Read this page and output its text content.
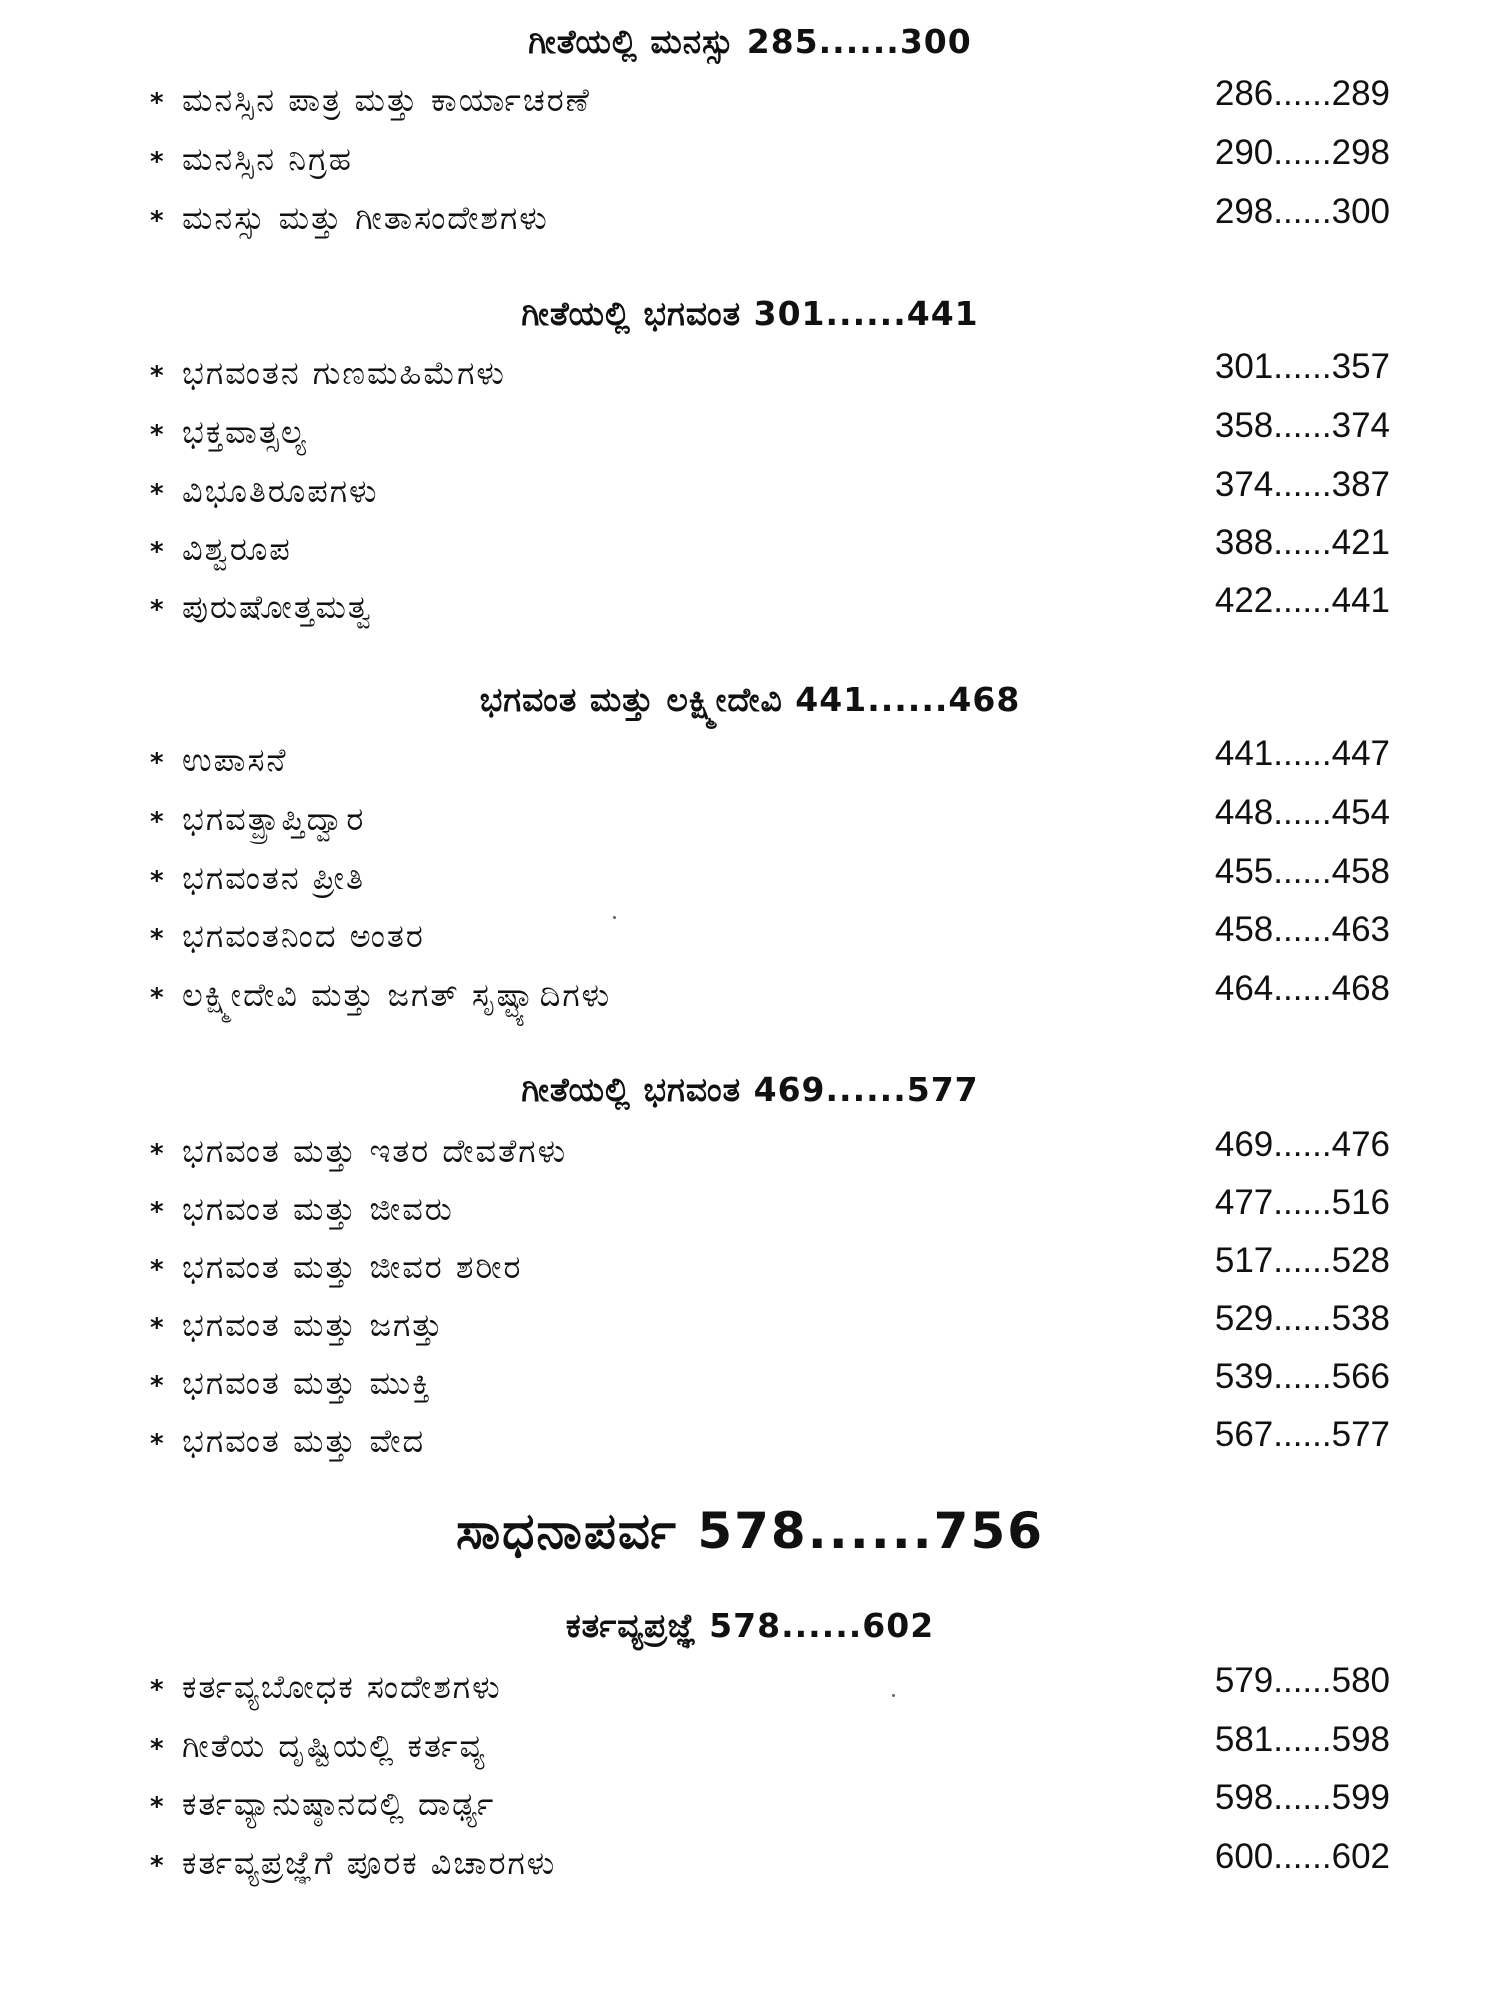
ಗೀತೆಯಲ್ಲಿ ಮನಸ್ಸು 285......300
* ಮನಸ್ಸಿನ ಪಾತ್ರ ಮತ್ತು ಕಾರ್ಯಾಚರಣೆ	286......289
* ಮನಸ್ಸಿನ ನಿಗ್ರಹ	290......298
* ಮನಸ್ಸು ಮತ್ತು ಗೀತಾಸಂದೇಶಗಳು	298......300
ಗೀತೆಯಲ್ಲಿ ಭಗವಂತ 301......441
* ಭಗವಂತನ ಗುಣಮಹಿಮೆಗಳು	301......357
* ಭಕ್ತವಾತ್ಸಲ್ಯ	358......374
* ವಿಭೂತಿರೂಪಗಳು	374......387
* ವಿಶ್ವರೂಪ	388......421
* ಪುರುಷೋತ್ತಮತ್ವ	422......441
ಭಗವಂತ ಮತ್ತು ಲಕ್ಷ್ಮೀದೇವಿ 441......468
* ಉಪಾಸನೆ	441......447
* ಭಗವತ್ಪ್ರಾಪ್ತಿದ್ವಾರ	448......454
* ಭಗವಂತನ ಪ್ರೀತಿ	455......458
* ಭಗವಂತನಿಂದ ಅಂತರ	458......463
* ಲಕ್ಷ್ಮೀದೇವಿ ಮತ್ತು ಜಗತ್ ಸೃಷ್ಟ್ಯಾದಿಗಳು	464......468
ಗೀತೆಯಲ್ಲಿ ಭಗವಂತ 469......577
* ಭಗವಂತ ಮತ್ತು ಇತರ ದೇವತೆಗಳು	469......476
* ಭಗವಂತ ಮತ್ತು ಜೀವರು	477......516
* ಭಗವಂತ ಮತ್ತು ಜೀವರ ಶರೀರ	517......528
* ಭಗವಂತ ಮತ್ತು ಜಗತ್ತು	529......538
* ಭಗವಂತ ಮತ್ತು ಮುಕ್ತಿ	539......566
* ಭಗವಂತ ಮತ್ತು ವೇದ	567......577
ಸಾಧನಾಪರ್ವ 578......756
ಕರ್ತವ್ಯಪ್ರಜ್ಞೆ 578......602
* ಕರ್ತವ್ಯಬೋಧಕ ಸಂದೇಶಗಳು	579......580
* ಗೀತೆಯ ದೃಷ್ಟಿಯಲ್ಲಿ ಕರ್ತವ್ಯ	581......598
* ಕರ್ತವ್ಯಾನುಷ್ಠಾನದಲ್ಲಿ ದಾರ್ಢ್ಯ	598......599
* ಕರ್ತವ್ಯಪ್ರಜ್ಞೆಗೆ ಪೂರಕ ವಿಚಾರಗಳು	600......602
